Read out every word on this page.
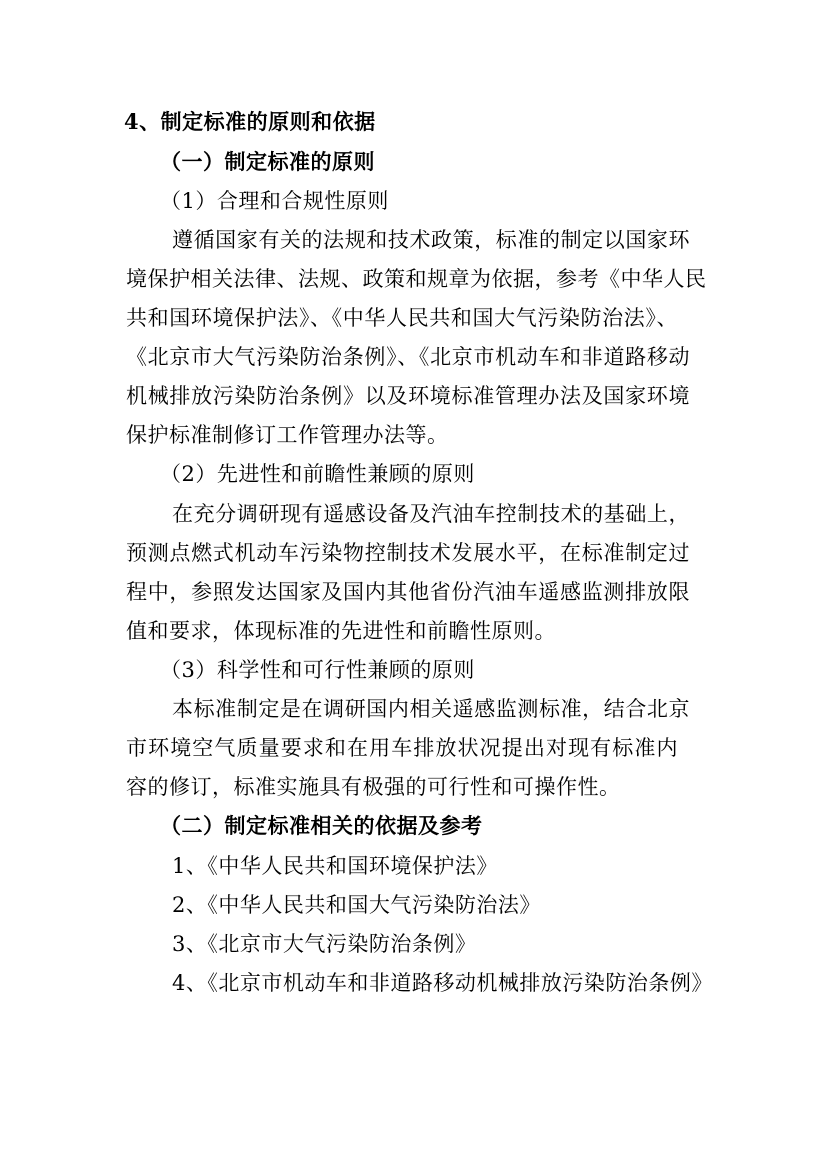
4、制定标准的原则和依据
（一）制定标准的原则
（1）合理和合规性原则
遵循国家有关的法规和技术政策，标准的制定以国家环
境保护相关法律、法规、政策和规章为依据，参考《中华人民
共和国环境保护法》、《中华人民共和国大气污染防治法》、
《北京市大气污染防治条例》、《北京市机动车和非道路移动
机械排放污染防治条例》以及环境标准管理办法及国家环境
保护标准制修订工作管理办法等。
（2）先进性和前瞻性兼顾的原则
在充分调研现有遥感设备及汽油车控制技术的基础上，
预测点燃式机动车污染物控制技术发展水平，在标准制定过
程中，参照发达国家及国内其他省份汽油车遥感监测排放限
值和要求，体现标准的先进性和前瞻性原则。
（3）科学性和可行性兼顾的原则
本标准制定是在调研国内相关遥感监测标准，结合北京
市环境空气质量要求和在用车排放状况提出对现有标准内
容的修订，标准实施具有极强的可行性和可操作性。
（二）制定标准相关的依据及参考
1、《中华人民共和国环境保护法》
2、《中华人民共和国大气污染防治法》
3、《北京市大气污染防治条例》
4、《北京市机动车和非道路移动机械排放污染防治条例》
